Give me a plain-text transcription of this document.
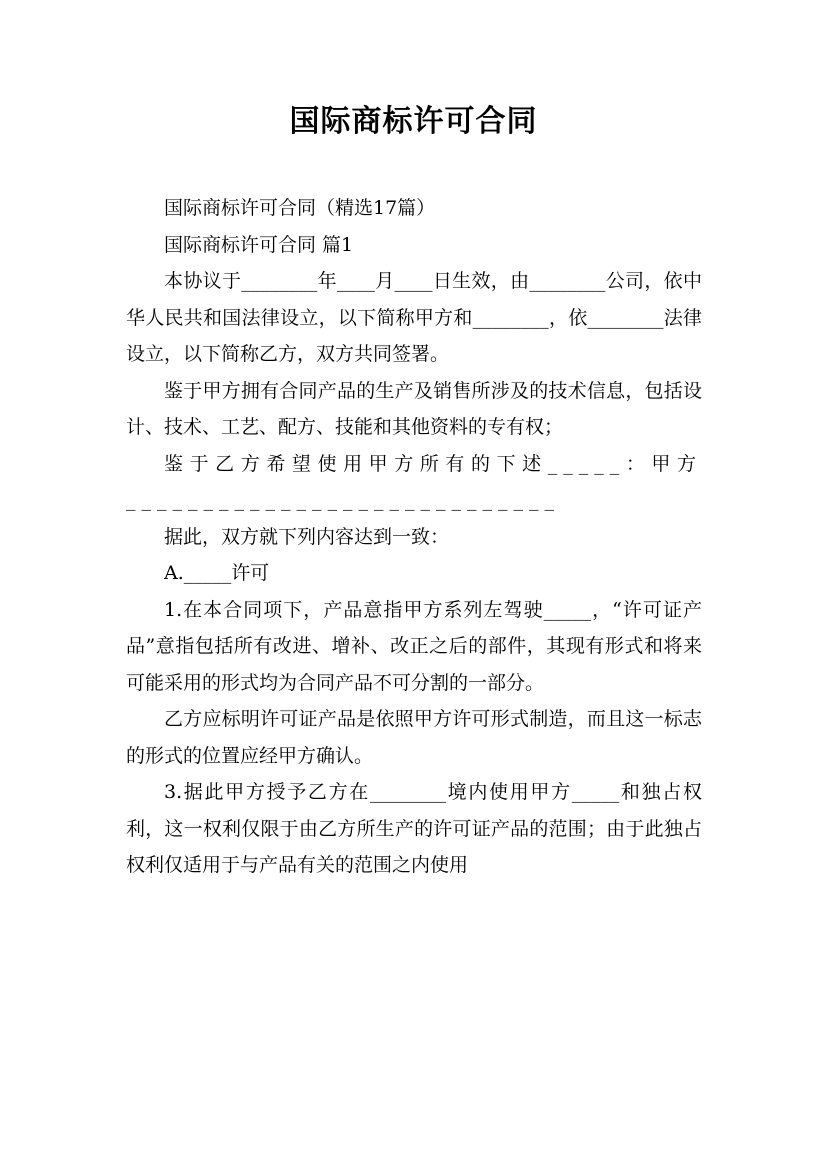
国际商标许可合同

国际商标许可合同（精选17篇）

国际商标许可合同 篇1

本协议于________年____月____日生效，由________公司，依中华人民共和国法律设立，以下简称甲方和________，依________法律设立，以下简称乙方，双方共同签署。

鉴于甲方拥有合同产品的生产及销售所涉及的技术信息，包括设计、技术、工艺、配方、技能和其他资料的专有权；

鉴于乙方希望使用甲方所有的下述_____：甲方____________________________

据此，双方就下列内容达到一致：

A._____许可

1.在本合同项下，产品意指甲方系列左驾驶_____，“许可证产品”意指包括所有改进、增补、改正之后的部件，其现有形式和将来可能采用的形式均为合同产品不可分割的一部分。

乙方应标明许可证产品是依照甲方许可形式制造，而且这一标志的形式的位置应经甲方确认。

3.据此甲方授予乙方在________境内使用甲方_____和独占权利，这一权利仅限于由乙方所生产的许可证产品的范围；由于此独占权利仅适用于与产品有关的范围之内使用
